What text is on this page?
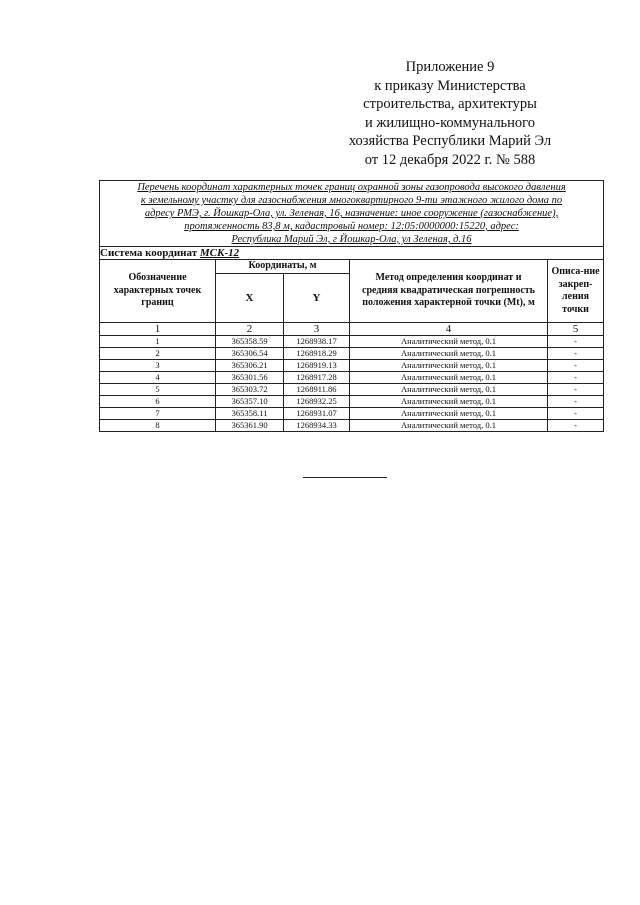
Приложение 9
к приказу Министерства
строительства, архитектуры
и жилищно-коммунального
хозяйства Республики Марий Эл
от 12 декабря 2022 г. № 588
Перечень координат характерных точек границ охранной зоны газопровода высокого давления
к земельному участку для газоснабжения многоквартирного 9-ти этажного жилого дома по
адресу РМЭ, г. Йошкар-Ола, ул. Зеленая, 16, назначение: иное сооружение (газоснабжение),
протяженность 83,8 м, кадастровый номер: 12:05:0000000:15220, адрес:
Республика Марий Эл, г Йошкар-Ола, ул Зеленая, д.16				

Система координат МСК-12				
Обозначение характерных точек границ	Координаты, м		Метод определения координат и средняя квадратическая погрешность положения характерной точки (Mt), м	Описа-ние закреп-ления точки
	X	Y		
1	2	3	4	5
1	365358.59	1268938.17	Аналитический метод, 0.1	-
2	365306.54	1268918.29	Аналитический метод, 0.1	-
3	365306.21	1268919.13	Аналитический метод, 0.1	-
4	365301.56	1268917.28	Аналитический метод, 0.1	-
5	365303.72	1268911.86	Аналитический метод, 0.1	-
6	365357.10	1268932.25	Аналитический метод, 0.1	-
7	365358.11	1268931.07	Аналитический метод, 0.1	-
8	365361.90	1268934.33	Аналитический метод, 0.1	-
